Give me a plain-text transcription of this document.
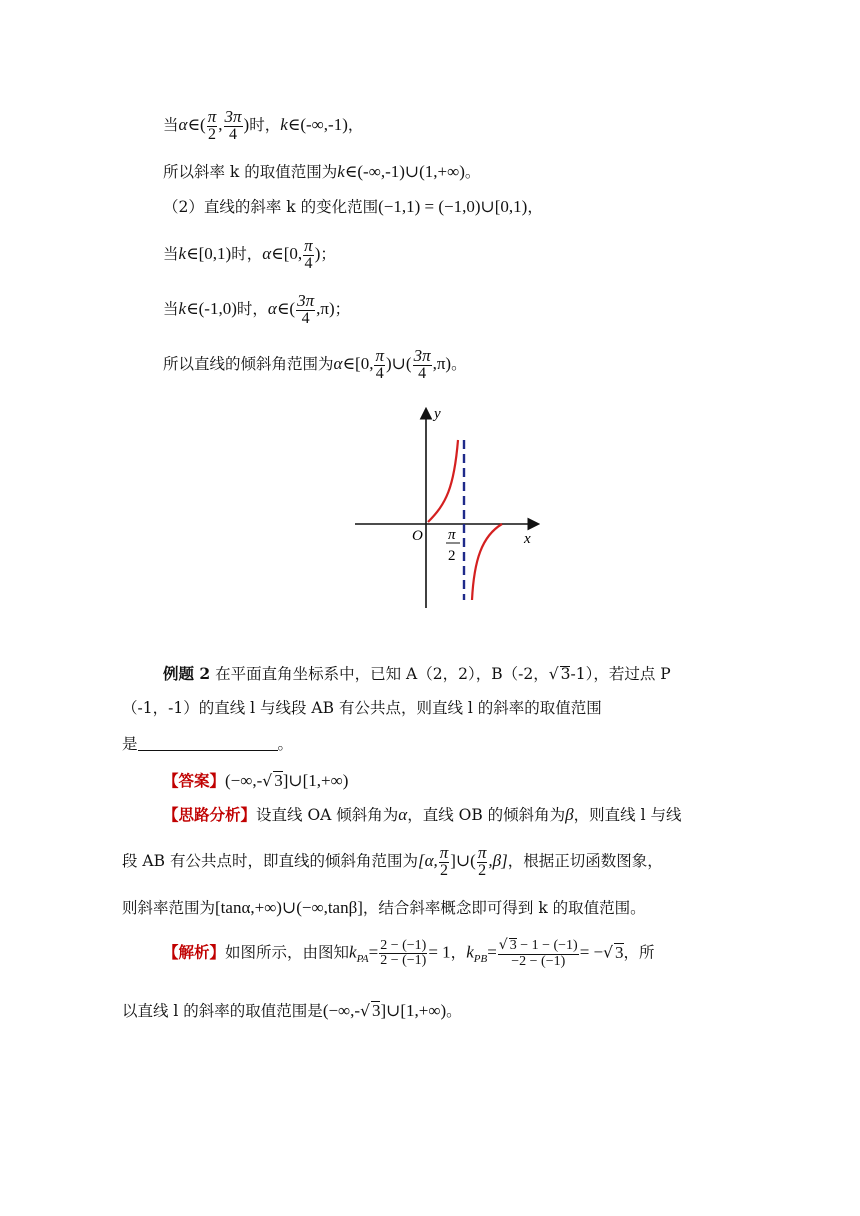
当α∈( $\frac{\pi}{2}$ , $\frac{3\pi}{4}$ )时，k∈(-∞,-1)，
所以斜率 k 的取值范围为k∈(-∞,-1)∪(1,+∞)。
（2）直线的斜率 k 的变化范围(−1,1) = (−1,0)∪[0,1)，
当k∈[0,1)时，α∈[0, $\frac{\pi}{4}$ )；
当k∈(-1,0)时，α∈( $\frac{3\pi}{4} ,\pi$)；
所以直线的倾斜角范围为α∈[0, $\frac{\pi}{4}$ )∪( $\frac{3\pi}{4} ,\pi$)。
y
x
O π
2
例题 2 在平面直角坐标系中，已知 A（2，2），B（-2，√ 3-1），若过点 P
（-1，-1）的直线 l 与线段 AB 有公共点，则直线 l 的斜率的取值范围
是	。
【答案】(−∞,-√ 3]∪[1,+∞)
【思路分析】设直线 OA 倾斜角为α，直线 OB 的倾斜角为β，则直线 l 与线
段 AB 有公共点时，即直线的倾斜角范围为[α, $\frac{\pi}{2}$ ]∪( $\frac{\pi}{2} ,\beta$]，根据正切函数图象，
则斜率范围为[tanα,+∞)∪(−∞,tanβ]，结合斜率概念即可得到 k 的取值范围。
【解析】如图所示，由图知$k_{PA}= \frac{2 - (-1)}{2 - (-1)} = 1$，$k_{PB}= \frac{√ 3 - 1 - (-1)}{-2 - (-1)}$ = −√ 3，所
以直线 l 的斜率的取值范围是(−∞,-√ 3]∪[1,+∞)。
